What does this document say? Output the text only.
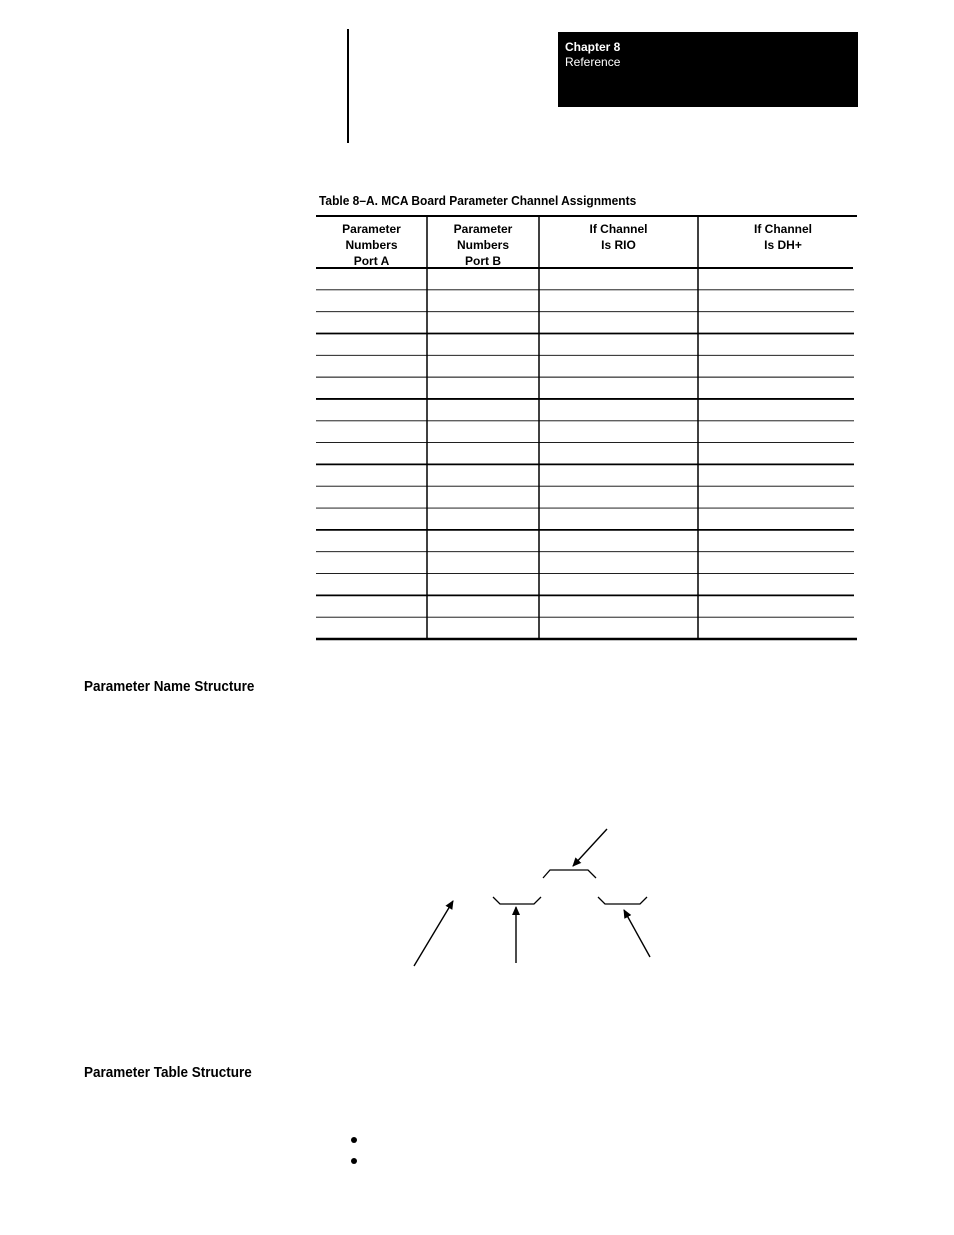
Chapter 8
Reference
Table 8–A. MCA Board Parameter Channel Assignments
Parameter
Numbers
Port A
Parameter
Numbers
Port B
If Channel
Is RIO
If Channel
Is DH+
Parameter Name Structure
Parameter Table Structure
